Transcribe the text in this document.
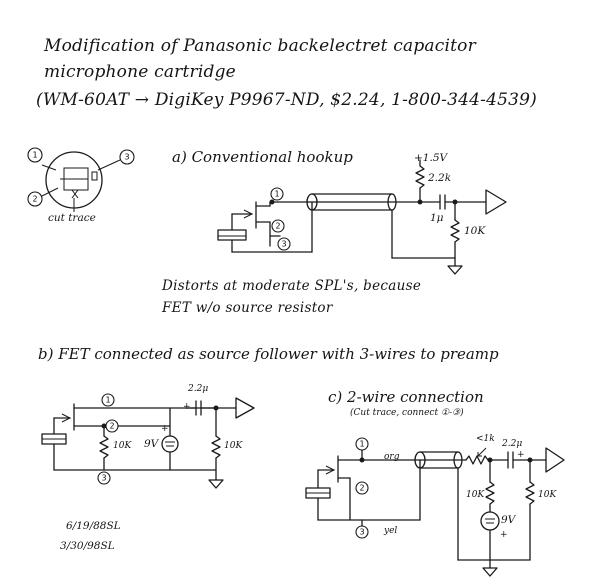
Modification of Panasonic backelectret capacitor
microphone cartridge
(WM-60AT → DigiKey P9967-ND, $2.24, 1-800-344-4539)
1	3
2
1
2
3
1
2
3
1
2
3
cut trace
a) Conventional hookup	+1.5V
2.2k
1μ
10K
Distorts at moderate SPL's, because
FET w/o source resistor
b) FET connected as source follower with 3-wires to preamp
2.2μ
+
10K
+
9V	10K
c) 2-wire connection
(Cut trace, connect ①-③)
org
yel
<1k 2.2μ
+
10K
9V
+
10K
6/19/88SL
3/30/98SL
